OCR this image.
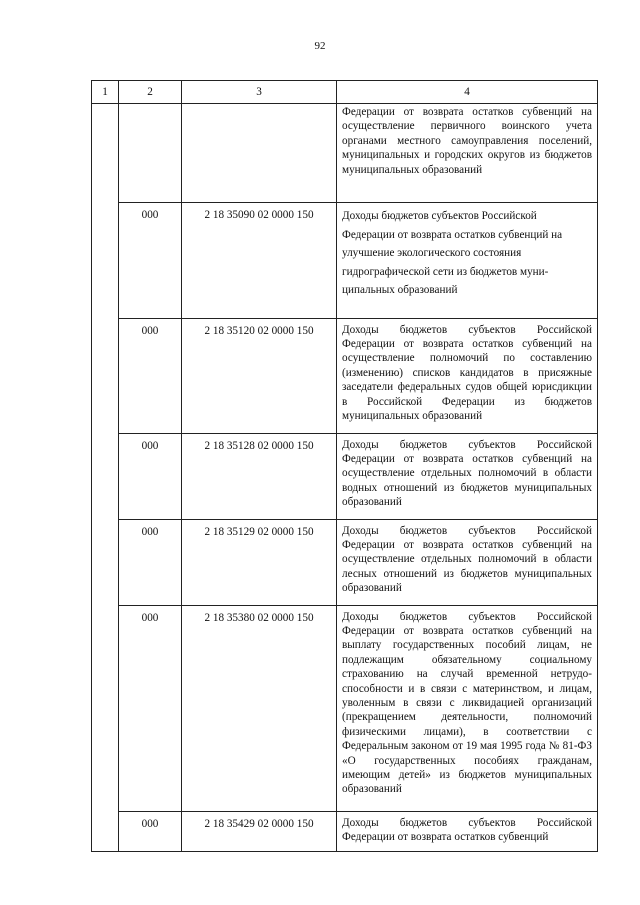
92
1	2	3	4
			Федерации от возврата остатков субвенций на осуществление первичного воинского учета органами местного самоуправления поселений, муниципальных и городских округов из бюджетов муниципальных образований
	000	2 18 35090 02 0000 150	Доходы бюджетов субъектов Российской Федерации от возврата остатков субвенций на улучшение экологического состояния гидрографической сети из бюджетов муниципальных образований
	000	2 18 35120 02 0000 150	Доходы бюджетов субъектов Российской Федерации от возврата остатков субвенций на осуществление полномочий по составлению (изменению) списков кандидатов в присяжные заседатели федеральных судов общей юрисдикции в Российской Федерации из бюджетов муниципальных образований
	000	2 18 35128 02 0000 150	Доходы бюджетов субъектов Российской Федерации от возврата остатков субвенций на осуществление отдельных полномочий в области водных отношений из бюджетов муниципальных образований
	000	2 18 35129 02 0000 150	Доходы бюджетов субъектов Российской Федерации от возврата остатков субвенций на осуществление отдельных полномочий в области лесных отношений из бюджетов муниципальных образований
	000	2 18 35380 02 0000 150	Доходы бюджетов субъектов Российской Федерации от возврата остатков субвенций на выплату государственных пособий лицам, не подлежащим обязательному социальному страхованию на случай временной нетрудоспособности и в связи с материнством, и лицам, уволенным в связи с ликвидацией организаций (прекращением деятельности, полномочий физическими лицами), в соответствии с Федеральным законом от 19 мая 1995 года № 81-ФЗ «О государственных пособиях гражданам, имеющим детей» из бюджетов муниципальных образований
	000	2 18 35429 02 0000 150	Доходы бюджетов субъектов Российской Федерации от возврата остатков субвенций
